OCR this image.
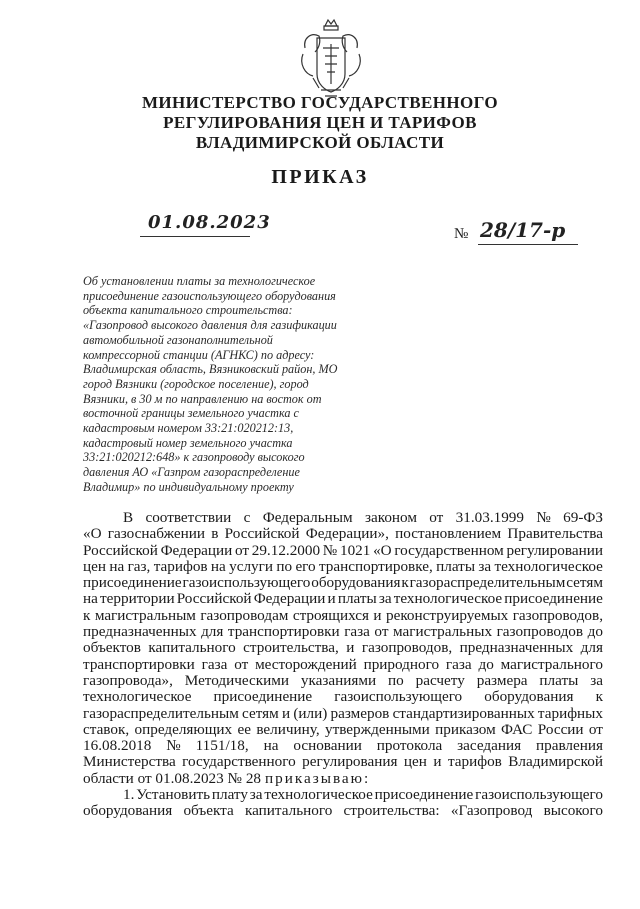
МИНИСТЕРСТВО ГОСУДАРСТВЕННОГО
РЕГУЛИРОВАНИЯ ЦЕН И ТАРИФОВ
ВЛАДИМИРСКОЙ ОБЛАСТИ
ПРИКАЗ
01.08.2023
№ 28/17-р
Об установлении платы за технологическое
присоединение газоиспользующего оборудования
объекта капитального строительства:
«Газопровод высокого давления для газификации
автомобильной газонаполнительной
компрессорной станции (АГНКС) по адресу:
Владимирская область, Вязниковский район, МО
город Вязники (городское поселение), город
Вязники, в 30 м по направлению на восток от
восточной границы земельного участка с
кадастровым номером 33:21:020212:13,
кадастровый номер земельного участка
33:21:020212:648» к газопроводу высокого
давления АО «Газпром газораспределение
Владимир» по индивидуальному проекту
В соответствии с Федеральным законом от 31.03.1999 № 69-ФЗ
«О газоснабжении в Российской Федерации», постановлением Правительства
Российской Федерации от 29.12.2000 № 1021 «О государственном регулировании
цен на газ, тарифов на услуги по его транспортировке, платы за технологическое
присоединение газоиспользующего оборудования к газораспределительным сетям
на территории Российской Федерации и платы за технологическое присоединение
к магистральным газопроводам строящихся и реконструируемых газопроводов,
предназначенных для транспортировки газа от магистральных газопроводов до
объектов капитального строительства, и газопроводов, предназначенных для
транспортировки газа от месторождений природного газа до магистрального
газопровода», Методическими указаниями по расчету размера платы за
технологическое присоединение газоиспользующего оборудования к
газораспределительным сетям и (или) размеров стандартизированных тарифных
ставок, определяющих ее величину, утвержденными приказом ФАС России от
16.08.2018 № 1151/18, на основании протокола заседания правления
Министерства государственного регулирования цен и тарифов Владимирской
области от 01.08.2023 № 28 приказываю:
1. Установить плату за технологическое присоединение газоиспользующего
оборудования объекта капитального строительства: «Газопровод высокого
